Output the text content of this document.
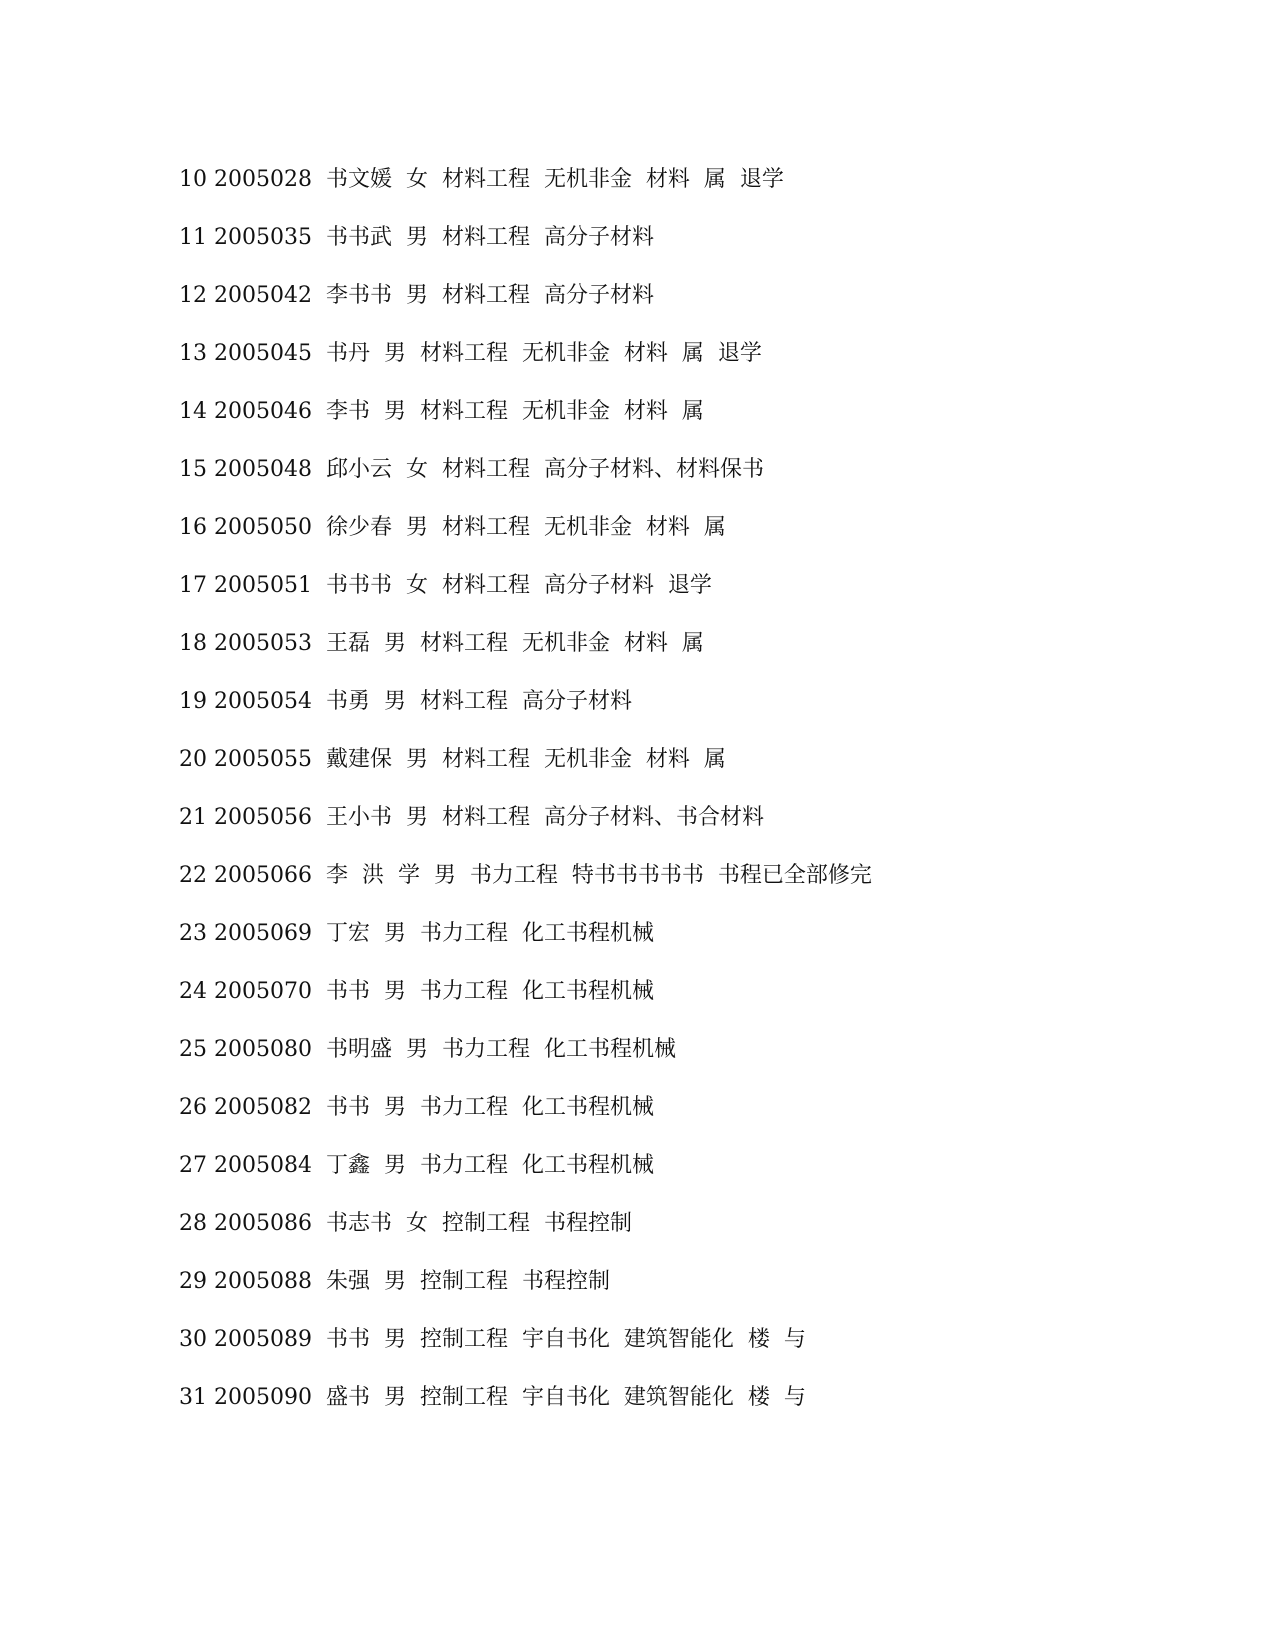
10 2005028 书文媛  女  材料工程  无机非金  材料  属  退学
11 2005035 书书武  男  材料工程  高分子材料
12 2005042 李书书  男  材料工程  高分子材料
13 2005045 书丹  男  材料工程  无机非金  材料  属  退学
14 2005046 李书  男  材料工程  无机非金  材料  属
15 2005048 邱小云  女  材料工程  高分子材料、材料保书
16 2005050 徐少春  男  材料工程  无机非金  材料  属
17 2005051 书书书  女  材料工程  高分子材料  退学
18 2005053 王磊  男  材料工程  无机非金  材料  属
19 2005054 书勇  男  材料工程  高分子材料
20 2005055 戴建保  男  材料工程  无机非金  材料  属
21 2005056 王小书  男  材料工程  高分子材料、书合材料
22 2005066 李  洪  学  男  书力工程  特书书书书书  书程已全部修完
23 2005069 丁宏  男  书力工程  化工书程机械
24 2005070 书书  男  书力工程  化工书程机械
25 2005080 书明盛  男  书力工程  化工书程机械
26 2005082 书书  男  书力工程  化工书程机械
27 2005084 丁鑫  男  书力工程  化工书程机械
28 2005086 书志书  女  控制工程  书程控制
29 2005088 朱强  男  控制工程  书程控制
30 2005089 书书  男  控制工程  宇自书化  建筑智能化  楼  与
31 2005090 盛书  男  控制工程  宇自书化  建筑智能化  楼  与
